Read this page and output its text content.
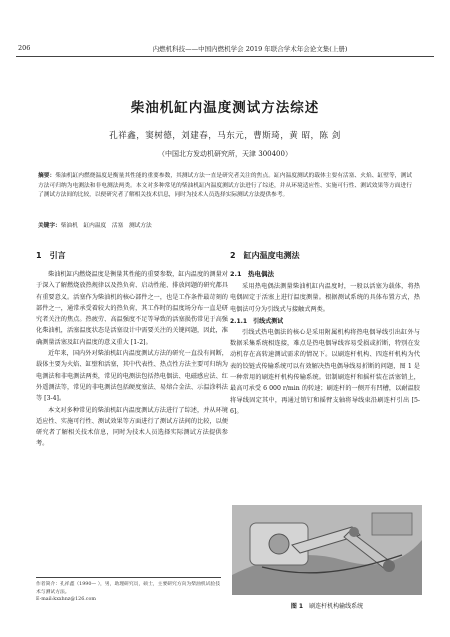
206	内燃机科技——中国内燃机学会 2019 年联合学术年会论文集(上册)
柴油机缸内温度测试方法综述
孔祥鑫，窦树德，刘建春，马东元，曹斯琦，黄 昭，陈 剑
（中国北方发动机研究所，天津 300400）
摘要：柴油机缸内燃烧温度是衡量其性能的重要参数，其测试方法一直是研究者关注的焦点。缸内温度测试的载体主要有活塞、火焰、缸壁等，测试方法可归纳为电测法和非电测法两类。本文对多种常见的柴油机缸内温度测试方法进行了综述，并从环境适应性、实施可行性、测试效果等方面进行了测试方法间的比较，以便研究者了解相关技术信息，同时为技术人员选择实际测试方法提供参考。
关键字：柴油机　缸内温度　活塞　测试方法
1　引言

柴油机缸内燃烧温度是衡量其性能的重要参数，缸内温度的测量对于深入了解燃烧放热规律以及热负荷、启动性能、排放问题的研究都具有重要意义。活塞作为柴油机的核心部件之一，也是工作条件最苛刻的部件之一，通常承受着较大的热负荷，其工作时的温度场分布一直是研究者关注的焦点。热疲劳、高温强度不足等导致的活塞损伤常见于高强化柴油机，活塞温度状态是活塞设计中需要关注的关键问题，因此，准确测量活塞及缸内温度的意义重大 [1-2]。

近年来，国内外对柴油机缸内温度测试方法的研究一直没有间断，载体主要为火焰、缸壁和活塞，其中代表性、热点性方法主要可归纳为电测法和非电测法两类，常见的电测法包括热电偶法、电磁感应法、红外遥测法等，常见的非电测法包括硬度塞法、易熔合金法、示温涂料法等 [3-4]。

本文对多种常见的柴油机缸内温度测试方法进行了综述，并从环境适应性、实施可行性、测试效果等方面进行了测试方法间的比较，以便研究者了解相关技术信息，同时为技术人员选择实际测试方法提供参考。

2　缸内温度电测法
2.1　热电偶法

采用热电偶法测量柴油机缸内温度时，一般以活塞为载体，将热电偶固定于活塞上进行温度测量。根据测试系统的具体布置方式，热电偶法可分为引线式与接触式两类。

2.1.1　引线式测试

引线式热电偶法的核心是采用附属机构将热电偶导线引出缸外与数据采集系统相连接，难点是热电偶导线容易受损或折断，特别在发动机存在高转速测试需求的情况下。以刷连杆机构、四连杆机构为代表的铰链式传输系统可以有效解决热电偶导线易折断的问题，图 1 是一种常用的刷连杆机构传输系统。铝制刷连杆和摇杆装在活塞销上，最高可承受 6 000 r/min 的转速；刷连杆的一侧开有凹槽，以耐温胶将导线固定其中，再通过销钉和摇臂支轴将导线束沿刷连杆引出 [5-6]。

作者简介：孔祥鑫（1990— ），男，助理研究员，硕士，主要研究方向为柴油机试验技术与测试方法。
E-mail:kxxhnz@126.com
图 1　 刷连杆机构输线系统
